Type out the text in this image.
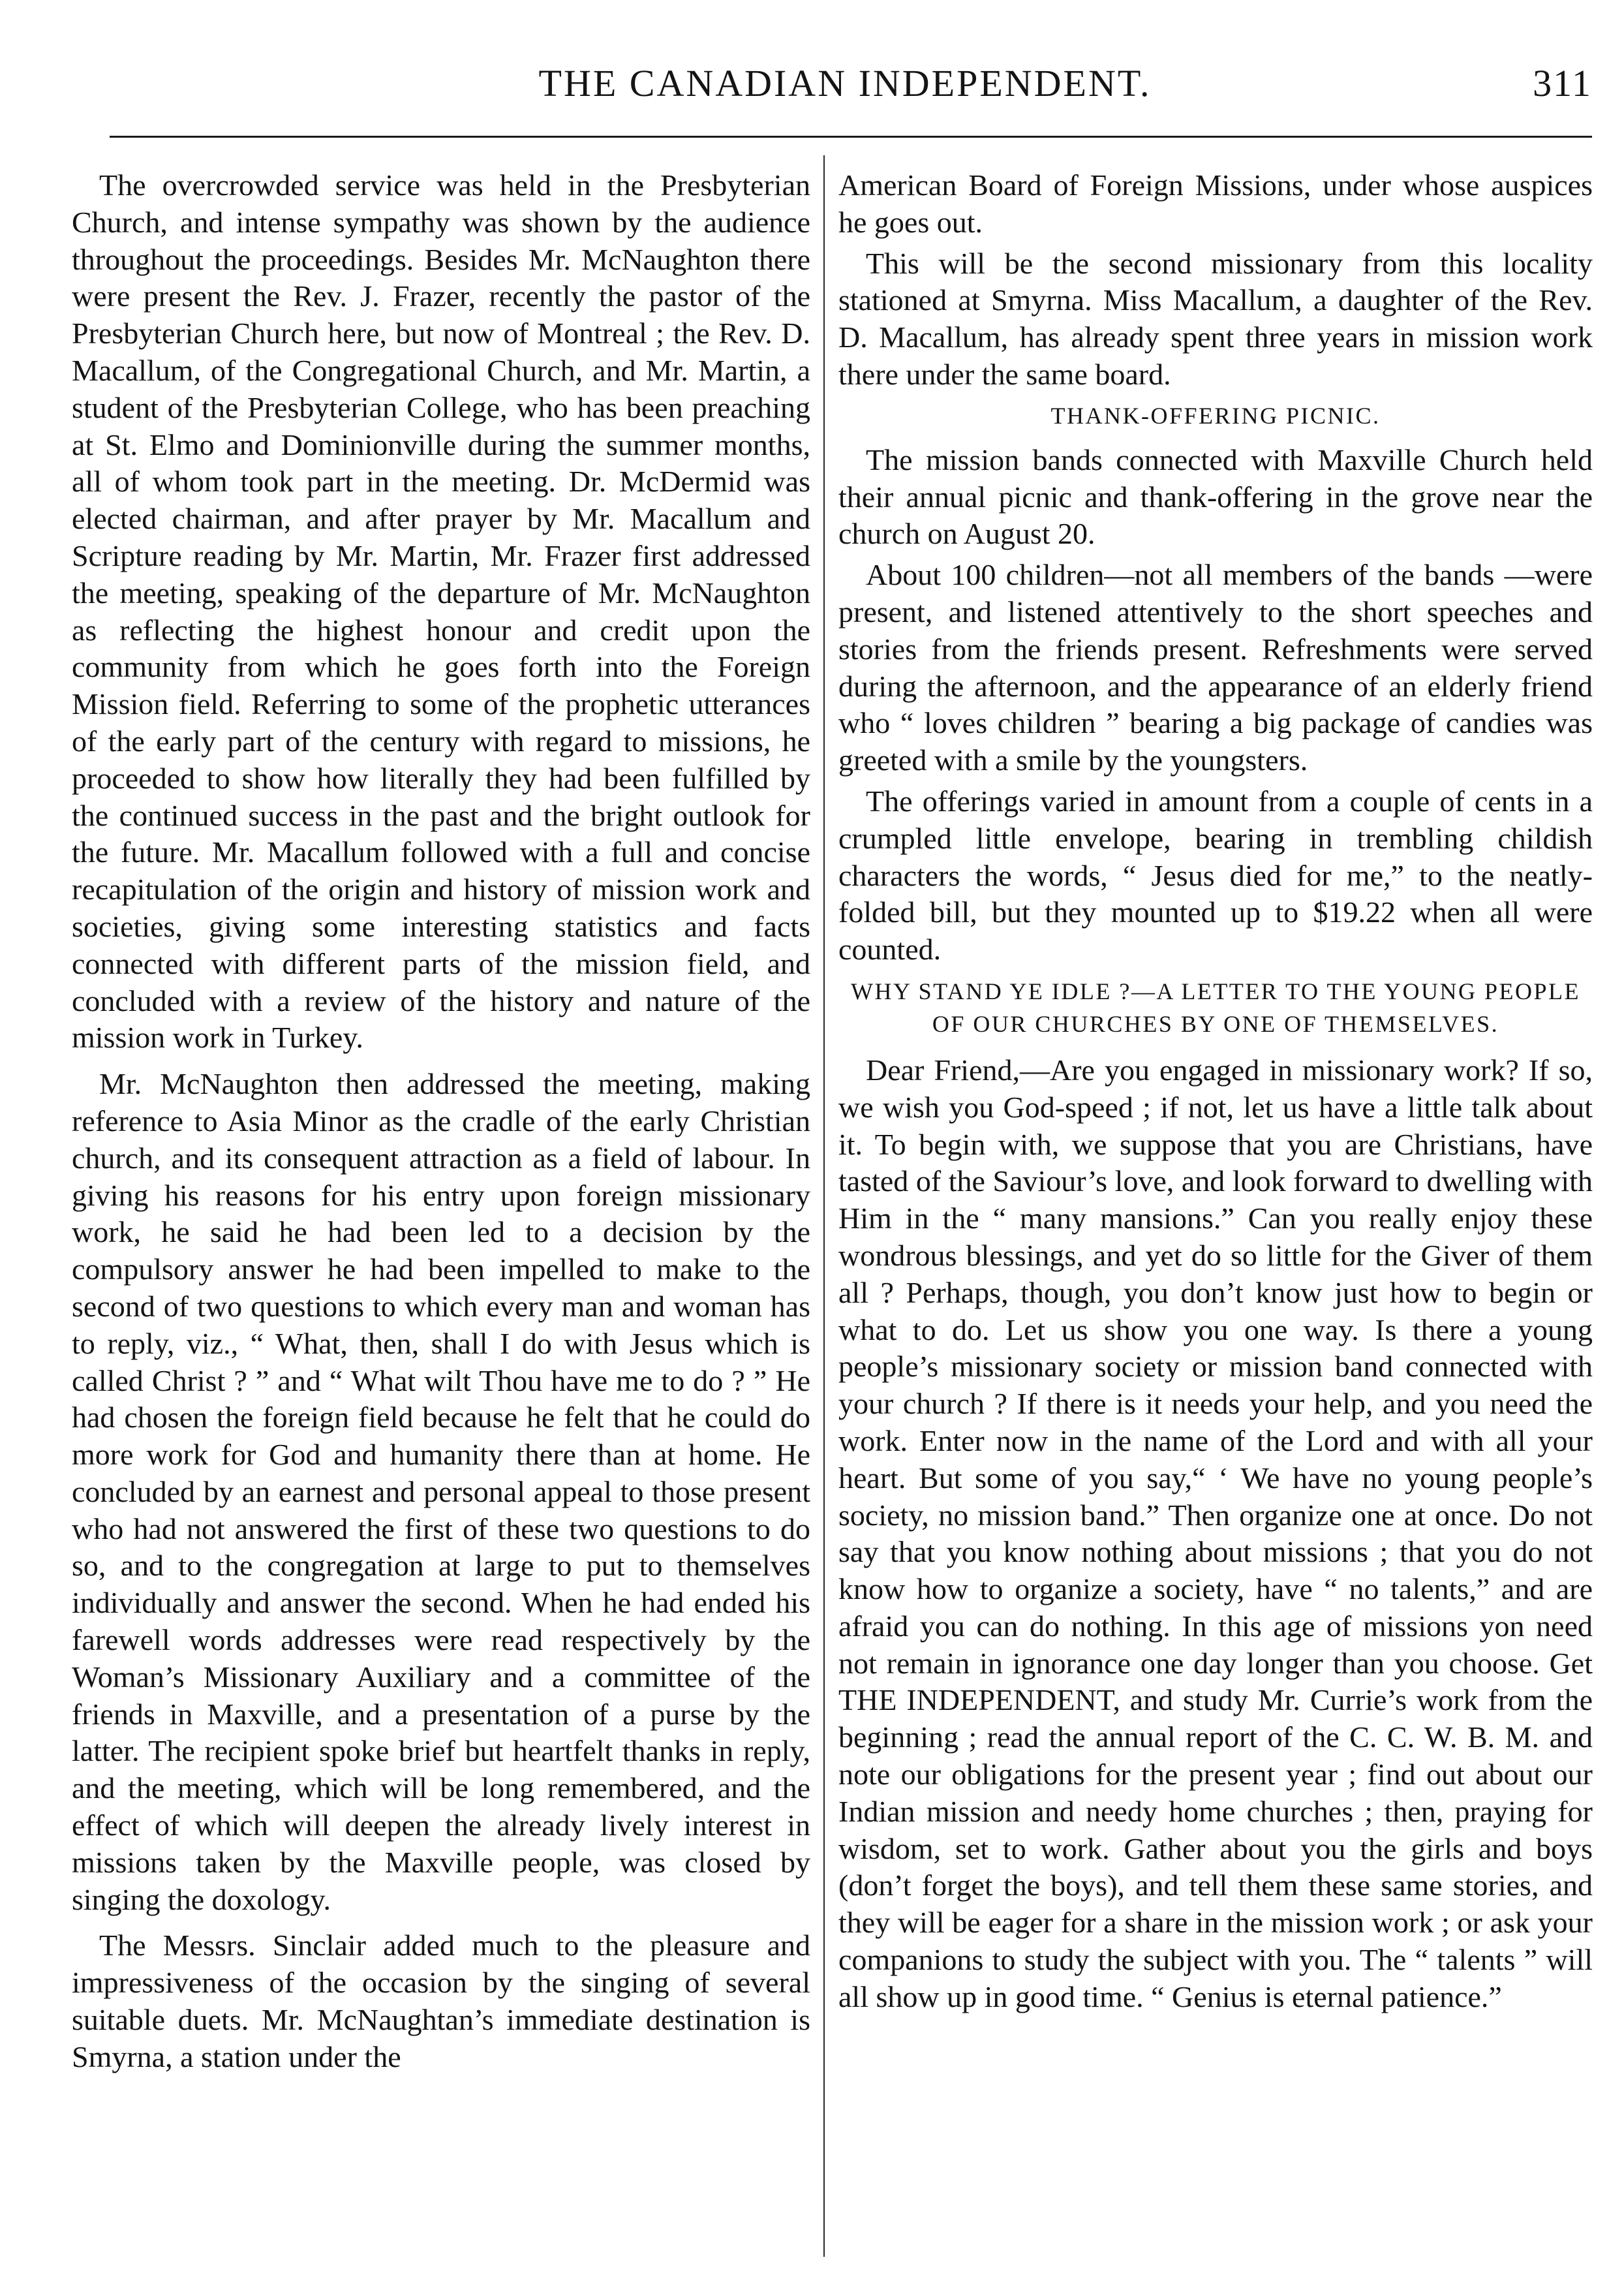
THE CANADIAN INDEPENDENT.	311

The overcrowded service was held in the Presbyterian Church, and intense sympathy was shown by the audience throughout the proceedings. Besides Mr. McNaughton there were present the Rev. J. Frazer, recently the pastor of the Presbyterian Church here, but now of Montreal ; the Rev. D. Macallum, of the Congregational Church, and Mr. Martin, a student of the Presbyterian College, who has been preaching at St. Elmo and Dominionville during the summer months, all of whom took part in the meeting. Dr. McDermid was elected chairman, and after prayer by Mr. Macallum and Scripture reading by Mr. Martin, Mr. Frazer first addressed the meeting, speaking of the departure of Mr. McNaughton as reflecting the highest honour and credit upon the community from which he goes forth into the Foreign Mission field. Referring to some of the prophetic utterances of the early part of the century with regard to missions, he proceeded to show how literally they had been fulfilled by the continued success in the past and the bright outlook for the future. Mr. Macallum followed with a full and concise recapitulation of the origin and history of mission work and societies, giving some interesting statistics and facts connected with different parts of the mission field, and concluded with a review of the history and nature of the mission work in Turkey.

Mr. McNaughton then addressed the meeting, making reference to Asia Minor as the cradle of the early Christian church, and its consequent attraction as a field of labour. In giving his reasons for his entry upon foreign missionary work, he said he had been led to a decision by the compulsory answer he had been impelled to make to the second of two questions to which every man and woman has to reply, viz., “ What, then, shall I do with Jesus which is called Christ ? ” and “ What wilt Thou have me to do ? ” He had chosen the foreign field because he felt that he could do more work for God and humanity there than at home. He concluded by an earnest and personal appeal to those present who had not answered the first of these two questions to do so, and to the congregation at large to put to themselves individually and answer the second. When he had ended his farewell words addresses were read respectively by the Woman’s Missionary Auxiliary and a committee of the friends in Maxville, and a presentation of a purse by the latter. The recipient spoke brief but heartfelt thanks in reply, and the meeting, which will be long remembered, and the effect of which will deepen the already lively interest in missions taken by the Maxville people, was closed by singing the doxology.

The Messrs. Sinclair added much to the pleasure and impressiveness of the occasion by the singing of several suitable duets. Mr. McNaughtan’s immediate destination is Smyrna, a station under the

American Board of Foreign Missions, under whose auspices he goes out.

This will be the second missionary from this locality stationed at Smyrna. Miss Macallum, a daughter of the Rev. D. Macallum, has already spent three years in mission work there under the same board.

THANK-OFFERING PICNIC.

The mission bands connected with Maxville Church held their annual picnic and thank-offering in the grove near the church on August 20.

About 100 children—not all members of the bands —were present, and listened attentively to the short speeches and stories from the friends present. Refreshments were served during the afternoon, and the appearance of an elderly friend who “ loves children ” bearing a big package of candies was greeted with a smile by the youngsters.

The offerings varied in amount from a couple of cents in a crumpled little envelope, bearing in trembling childish characters the words, “ Jesus died for me,” to the neatly-folded bill, but they mounted up to $19.22 when all were counted.

WHY STAND YE IDLE ?—A LETTER TO THE YOUNG PEOPLE OF OUR CHURCHES BY ONE OF THEMSELVES.

Dear Friend,—Are you engaged in missionary work? If so, we wish you God-speed ; if not, let us have a little talk about it. To begin with, we suppose that you are Christians, have tasted of the Saviour’s love, and look forward to dwelling with Him in the “ many mansions.” Can you really enjoy these wondrous blessings, and yet do so little for the Giver of them all ? Perhaps, though, you don’t know just how to begin or what to do. Let us show you one way. Is there a young people’s missionary society or mission band connected with your church ? If there is it needs your help, and you need the work. Enter now in the name of the Lord and with all your heart. But some of you say,“ ‘ We have no young people’s society, no mission band.” Then organize one at once. Do not say that you know nothing about missions ; that you do not know how to organize a society, have “ no talents,” and are afraid you can do nothing. In this age of missions yon need not remain in ignorance one day longer than you choose. Get THE INDEPENDENT, and study Mr. Currie’s work from the beginning ; read the annual report of the C. C. W. B. M. and note our obligations for the present year ; find out about our Indian mission and needy home churches ; then, praying for wisdom, set to work. Gather about you the girls and boys (don’t forget the boys), and tell them these same stories, and they will be eager for a share in the mission work ; or ask your companions to study the subject with you. The “ talents ” will all show up in good time. “ Genius is eternal patience.”
